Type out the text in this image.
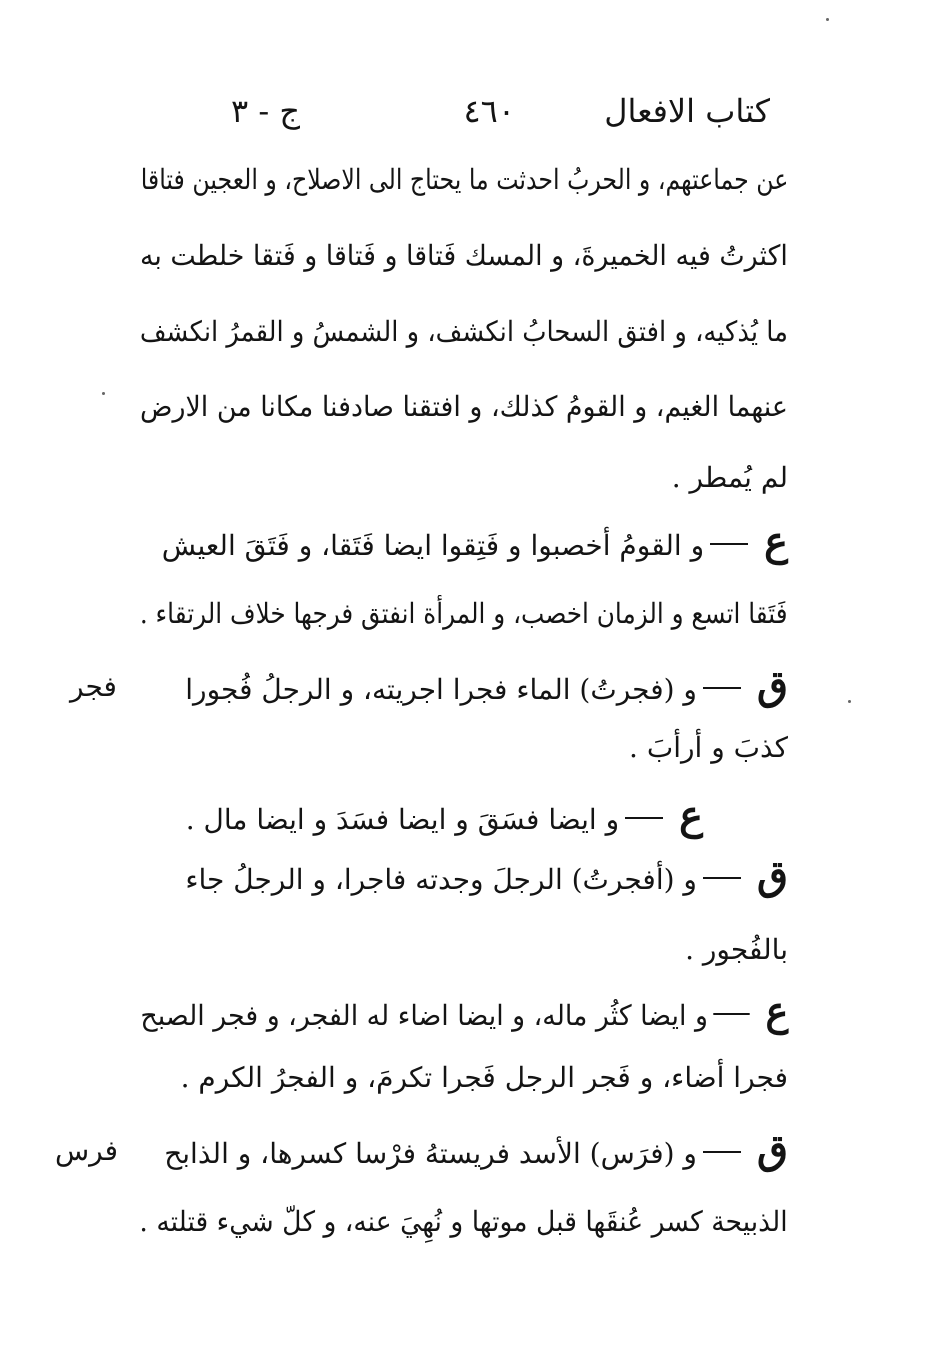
كتاب الافعال
٤٦٠
ج - ٣
عن جماعتهم، و الحربُ احدثت ما يحتاج الى الاصلاح، و العجين فتاقا
اكثرتُ فيه الخميرةَ، و المسك فَتاقا و فَتاقا و فَتقا خلطت به
ما يُذكيه، و افتق السحابُ انكشف، و الشمسُ و القمرُ انكشف
عنهما الغيم، و القومُ كذلك، و افتقنا صادفنا مكانا من الارض
لم يُمطر .
عو القومُ أخصبوا و فَتِقوا ايضا فَتَقا، و فَتَقَ العيش
فَتَقا اتسع و الزمان اخصب، و المرأة انفتق فرجها خلاف الرتقاء .
قو (فجرتُ) الماء فجرا اجريته، و الرجلُ فُجورا
فجر
كذبَ و أرأبَ .
عو ايضا فسَقَ و ايضا فسَدَ و ايضا مال .
قو (أفجرتُ) الرجلَ وجدته فاجرا، و الرجلُ جاء
بالفُجور .
عو ايضا كثُر ماله، و ايضا اضاء له الفجر، و فجر الصبح
فجرا أضاء، و فَجر الرجل فَجرا تكرمَ، و الفجرُ الكرم .
قو (فرَس) الأسد فريستهُ فرْسا كسرها، و الذابح
فرس
الذبيحة كسر عُنقَها قبل موتها و نُهِيَ عنه، و كلّ شيء قتلته .
